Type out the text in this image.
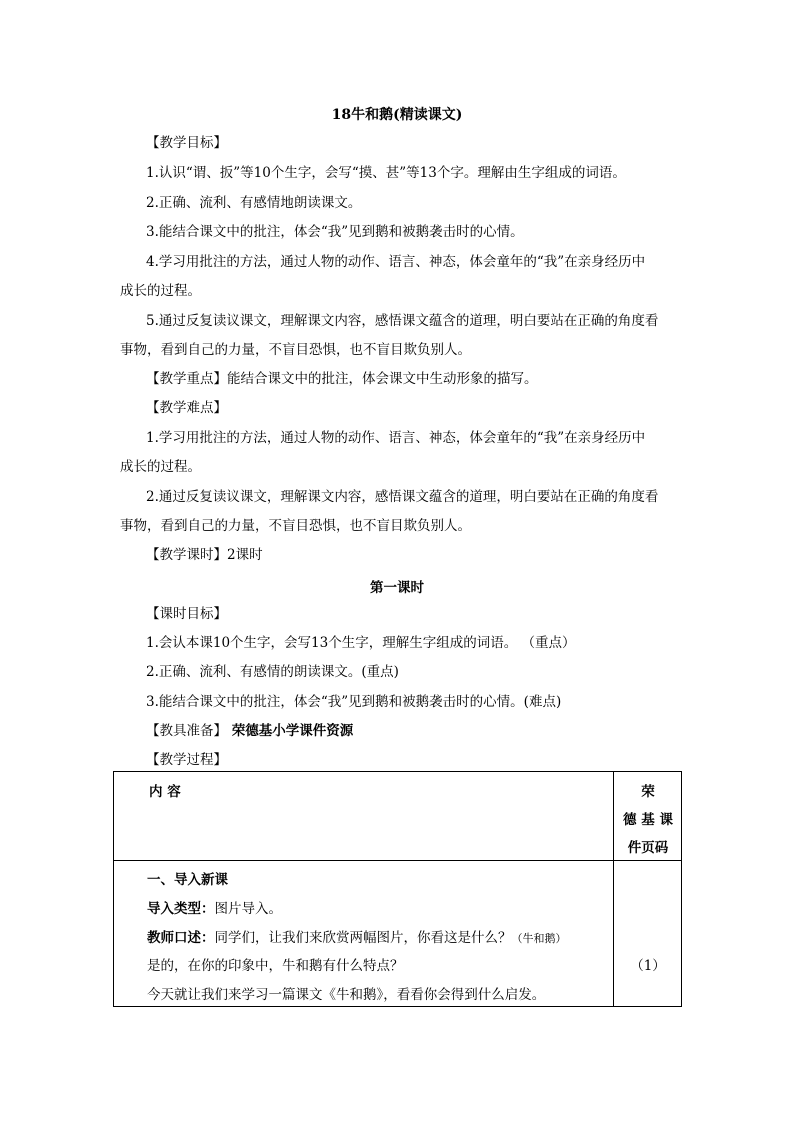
18牛和鹅(精读课文)
【教学目标】
1.认识“谓、扳”等10个生字，会写“摸、甚”等13个字。理解由生字组成的词语。
2.正确、流利、有感情地朗读课文。
3.能结合课文中的批注，体会“我”见到鹅和被鹅袭击时的心情。
4.学习用批注的方法，通过人物的动作、语言、神态，体会童年的“我”在亲身经历中
成长的过程。
5.通过反复读议课文，理解课文内容，感悟课文蕴含的道理，明白要站在正确的角度看
事物，看到自己的力量，不盲目恐惧，也不盲目欺负别人。
【教学重点】能结合课文中的批注，体会课文中生动形象的描写。
【教学难点】
1.学习用批注的方法，通过人物的动作、语言、神态，体会童年的“我”在亲身经历中
成长的过程。
2.通过反复读议课文，理解课文内容，感悟课文蕴含的道理，明白要站在正确的角度看
事物，看到自己的力量，不盲目恐惧，也不盲目欺负别人。
【教学课时】2课时
第一课时
【课时目标】
1.会认本课10个生字，会写13个生字，理解生字组成的词语。 （重点）
2.正确、流利、有感情的朗读课文。(重点)
3.能结合课文中的批注，体会“我”见到鹅和被鹅袭击时的心情。(难点)
【教具准备】 荣德基小学课件资源
【教学过程】
内 容	荣
德 基 课
件页码

一、导入新课
导入类型：图片导入。
教师口述：同学们，让我们来欣赏两幅图片，你看这是什么？（牛和鹅）
是的，在你的印象中，牛和鹅有什么特点？
今天就让我们来学习一篇课文《牛和鹅》，看看你会得到什么启发。	（1）
